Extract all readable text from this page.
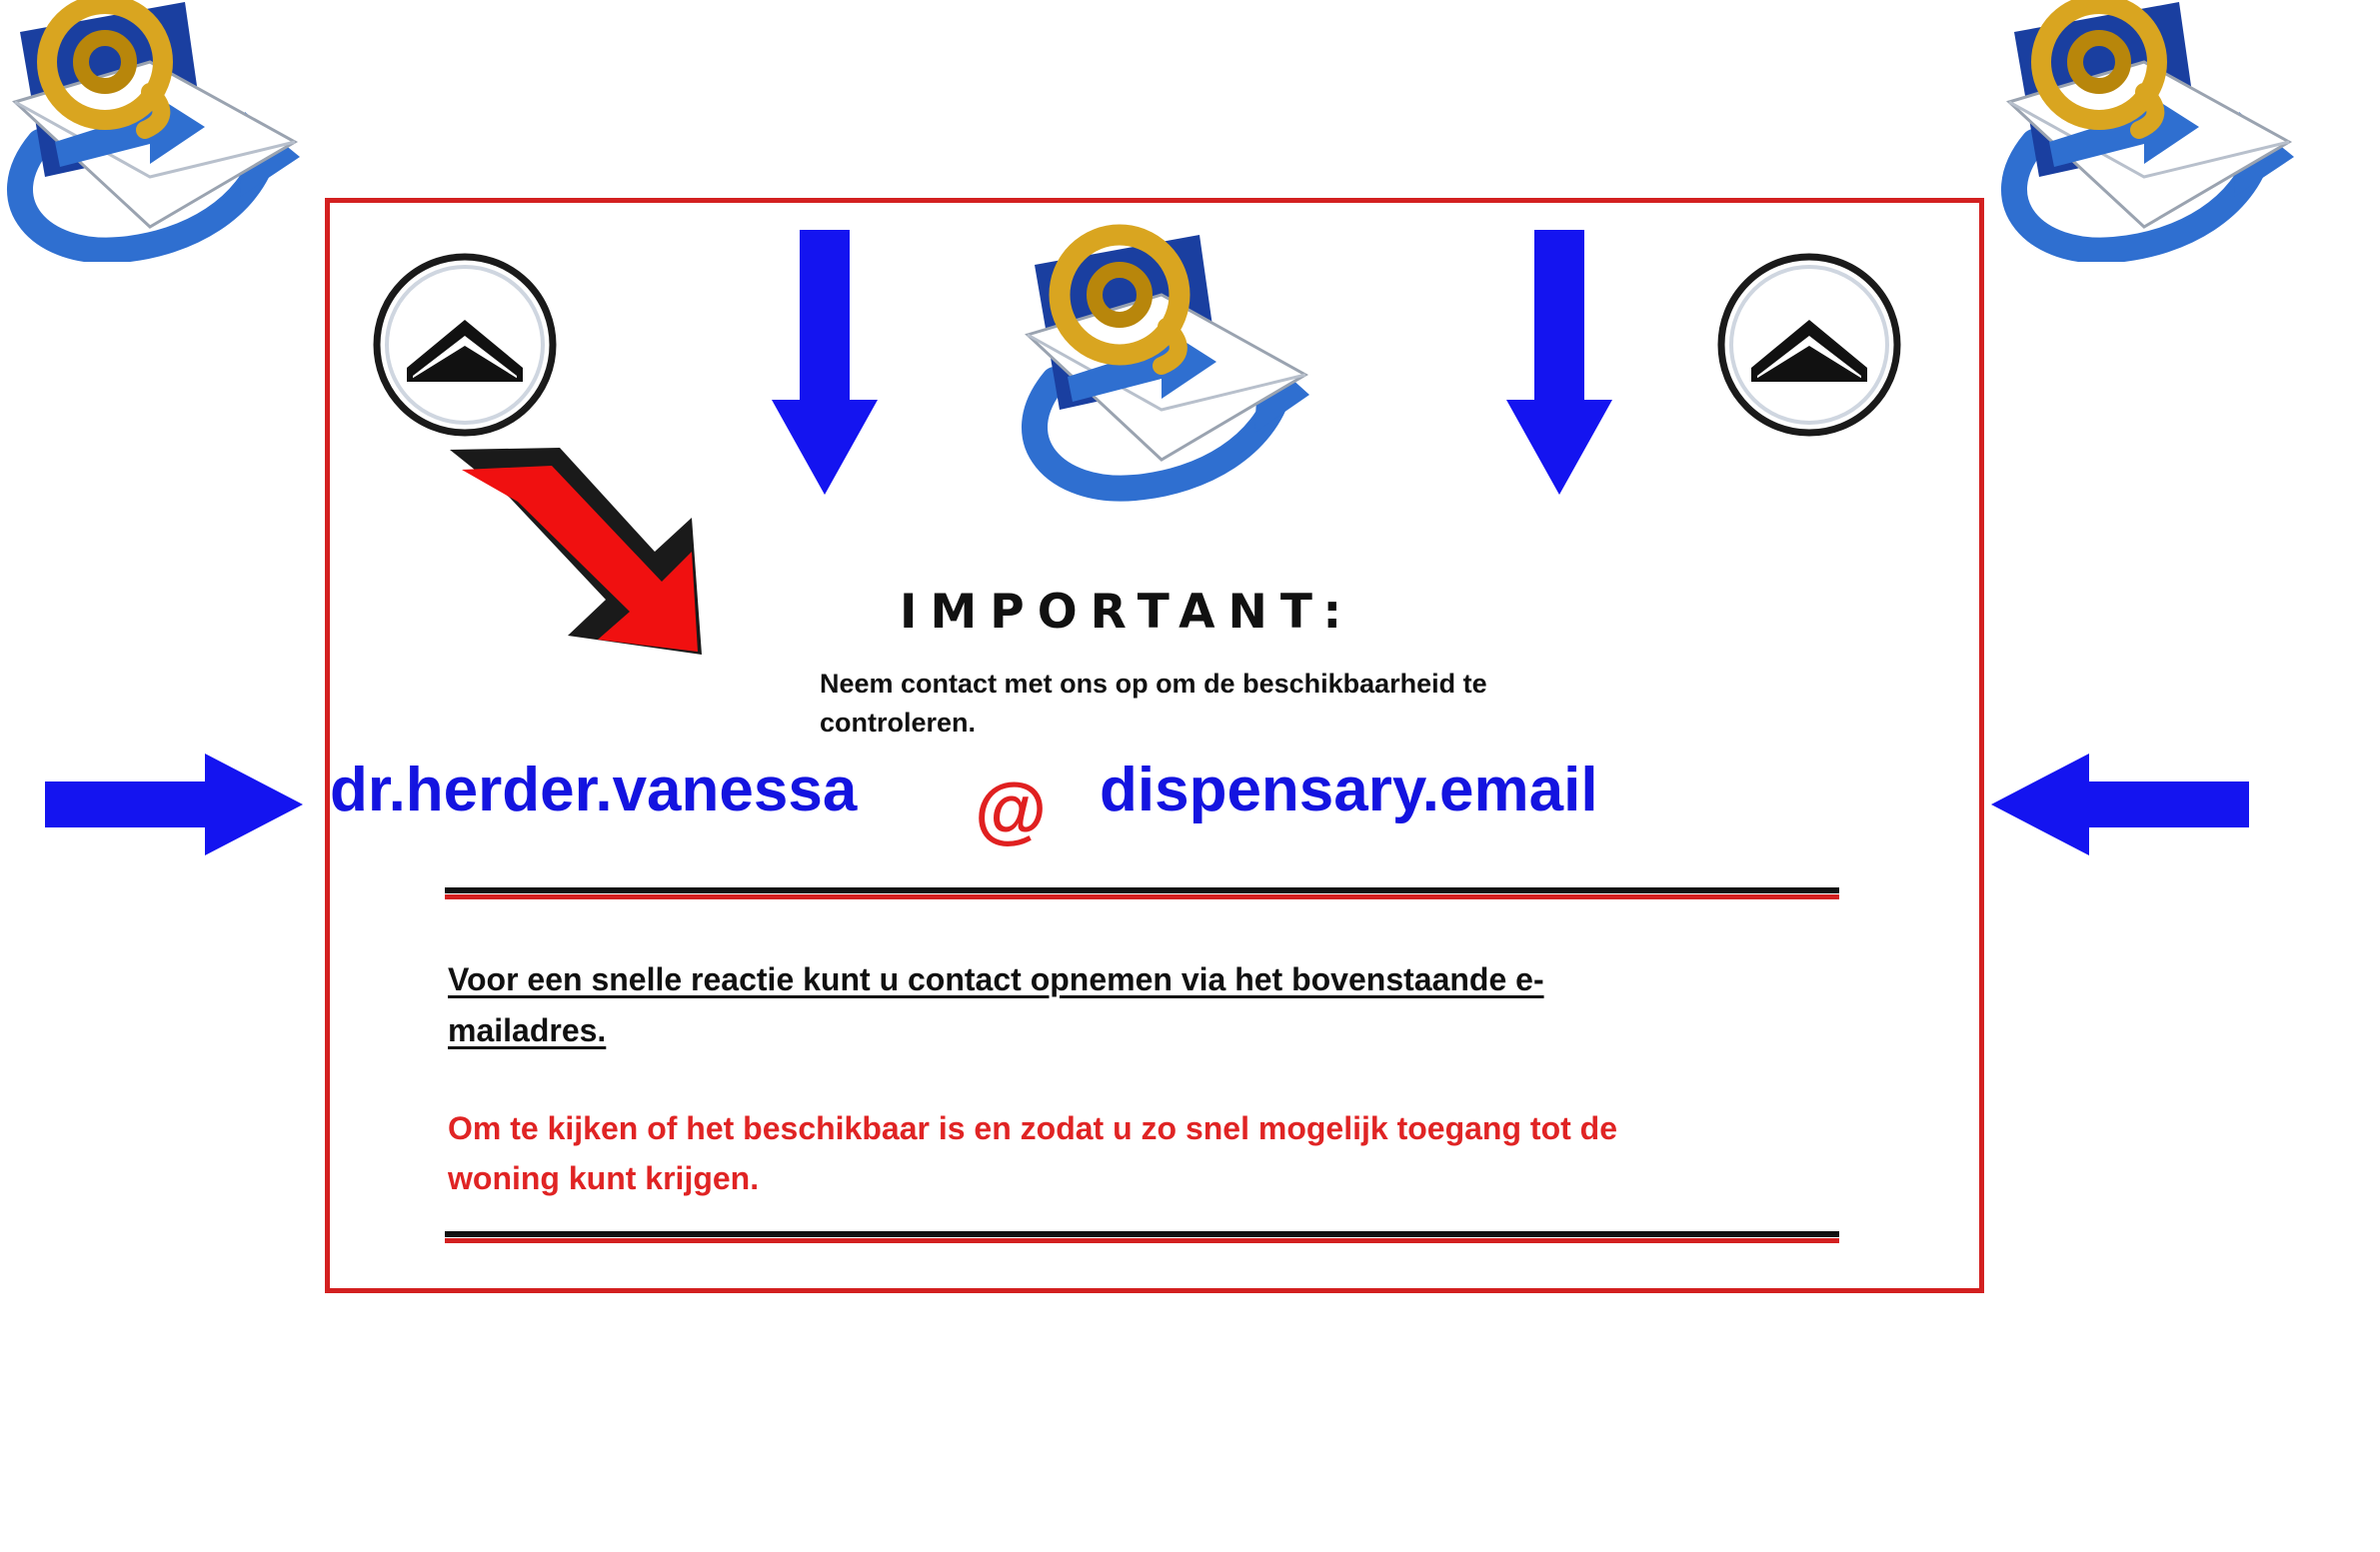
IMPORTANT:
Neem contact met ons op om de beschikbaarheid te controleren.
dr.herder.vanessa @ dispensary.email
Voor een snelle reactie kunt u contact opnemen via het bovenstaande e-mailadres.
Om te kijken of het beschikbaar is en zodat u zo snel mogelijk toegang tot de woning kunt krijgen.
